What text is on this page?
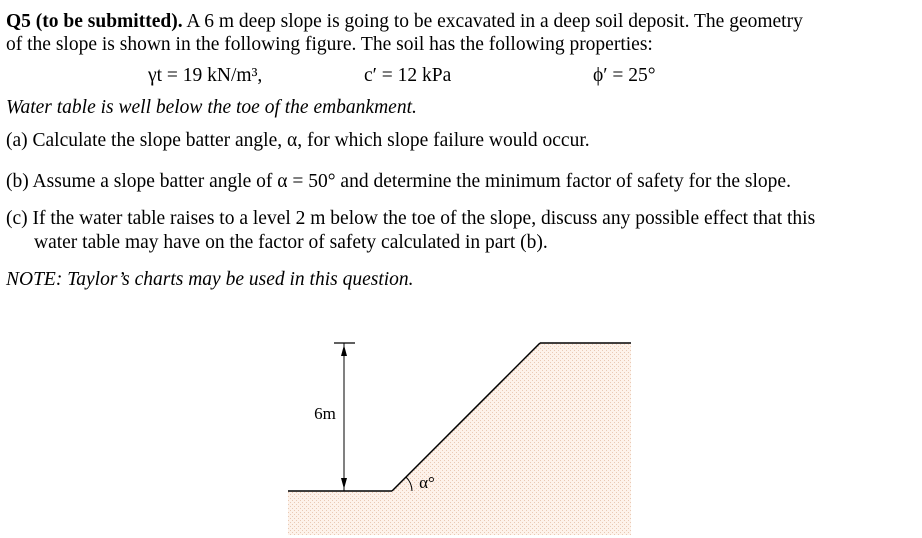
Q5 (to be submitted). A 6 m deep slope is going to be excavated in a deep soil deposit. The geometry
of the slope is shown in the following figure. The soil has the following properties:
γt = 19 kN/m³,	c′ = 12 kPa	ϕ′ = 25°
Water table is well below the toe of the embankment.
(a) Calculate the slope batter angle, α, for which slope failure would occur.
(b) Assume a slope batter angle of α = 50° and determine the minimum factor of safety for the slope.
(c) If the water table raises to a level 2 m below the toe of the slope, discuss any possible effect that this
water table may have on the factor of safety calculated in part (b).
NOTE: Taylor’s charts may be used in this question.
6m
α°
